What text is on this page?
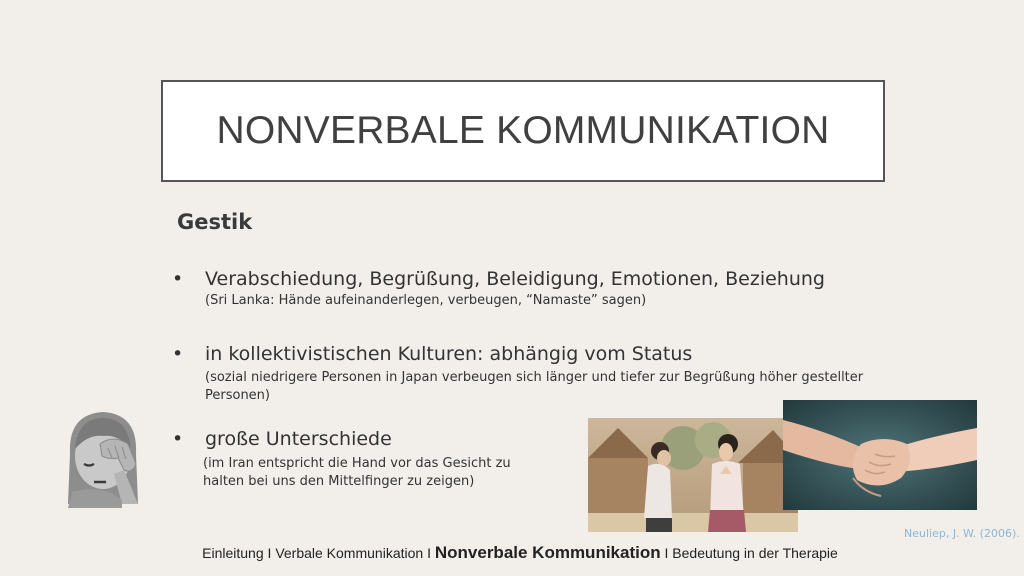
NONVERBALE KOMMUNIKATION
Gestik
• Verabschiedung, Begrüßung, Beleidigung, Emotionen, Beziehung
(Sri Lanka: Hände aufeinanderlegen, verbeugen, “Namaste” sagen)
• in kollektivistischen Kulturen: abhängig vom Status
(sozial niedrigere Personen in Japan verbeugen sich länger und tiefer zur Begrüßung höher gestellter Personen)
• große Unterschiede
(im Iran entspricht die Hand vor das Gesicht zu halten bei uns den Mittelfinger zu zeigen)
Neuliep, J. W. (2006).
Einleitung I Verbale Kommunikation I Nonverbale Kommunikation I Bedeutung in der Therapie
